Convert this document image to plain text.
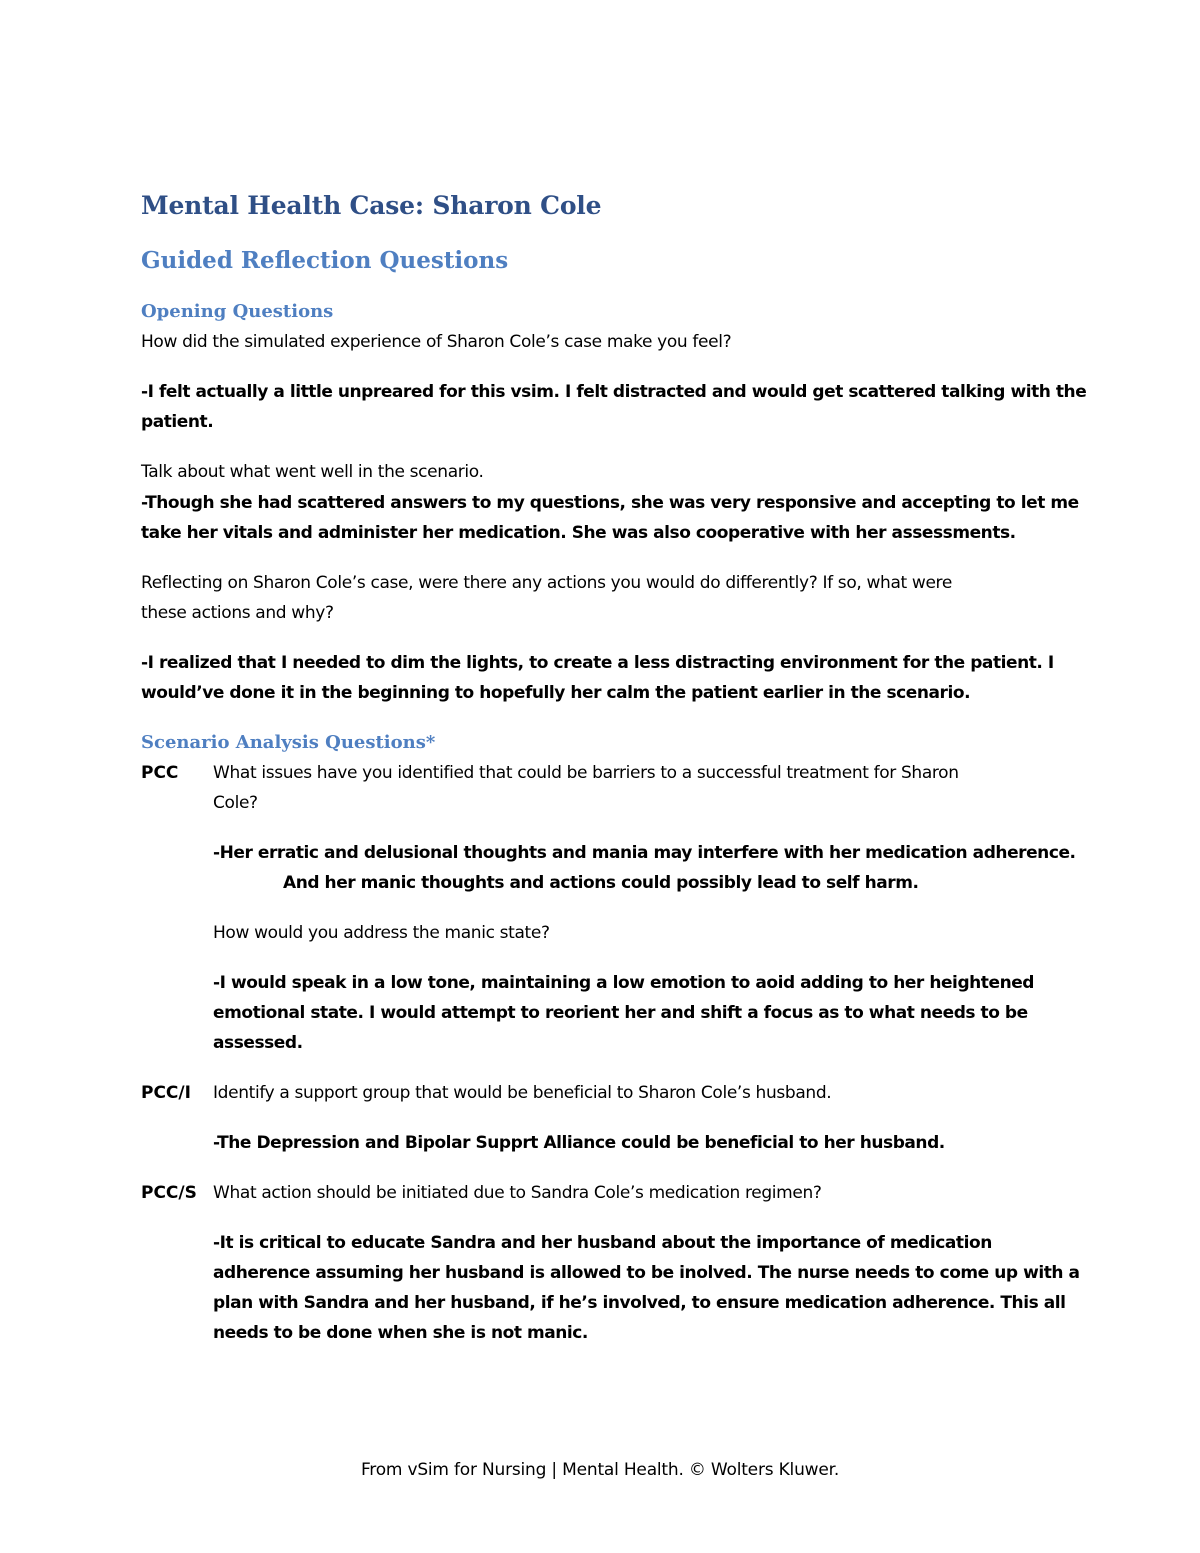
Mental Health Case: Sharon Cole
Guided Reflection Questions
Opening Questions
How did the simulated experience of Sharon Cole’s case make you feel?
-I felt actually a little unpreared for this vsim. I felt distracted and would get scattered talking with the
patient.
Talk about what went well in the scenario.
-Though she had scattered answers to my questions, she was very responsive and accepting to let me
take her vitals and administer her medication. She was also cooperative with her assessments.
Reflecting on Sharon Cole’s case, were there any actions you would do differently? If so, what were
these actions and why?
-I realized that I needed to dim the lights, to create a less distracting environment for the patient. I
would’ve done it in the beginning to hopefully her calm the patient earlier in the scenario.
Scenario Analysis Questions*
PCC What issues have you identified that could be barriers to a successful treatment for Sharon
Cole?
-Her erratic and delusional thoughts and mania may interfere with her medication adherence.
And her manic thoughts and actions could possibly lead to self harm.
How would you address the manic state?
-I would speak in a low tone, maintaining a low emotion to aoid adding to her heightened
emotional state. I would attempt to reorient her and shift a focus as to what needs to be
assessed.
PCC/I Identify a support group that would be beneficial to Sharon Cole’s husband.
-The Depression and Bipolar Supprt Alliance could be beneficial to her husband.
PCC/S What action should be initiated due to Sandra Cole’s medication regimen?
-It is critical to educate Sandra and her husband about the importance of medication
adherence assuming her husband is allowed to be inolved. The nurse needs to come up with a
plan with Sandra and her husband, if he’s involved, to ensure medication adherence. This all
needs to be done when she is not manic.
From vSim for Nursing | Mental Health. © Wolters Kluwer.
